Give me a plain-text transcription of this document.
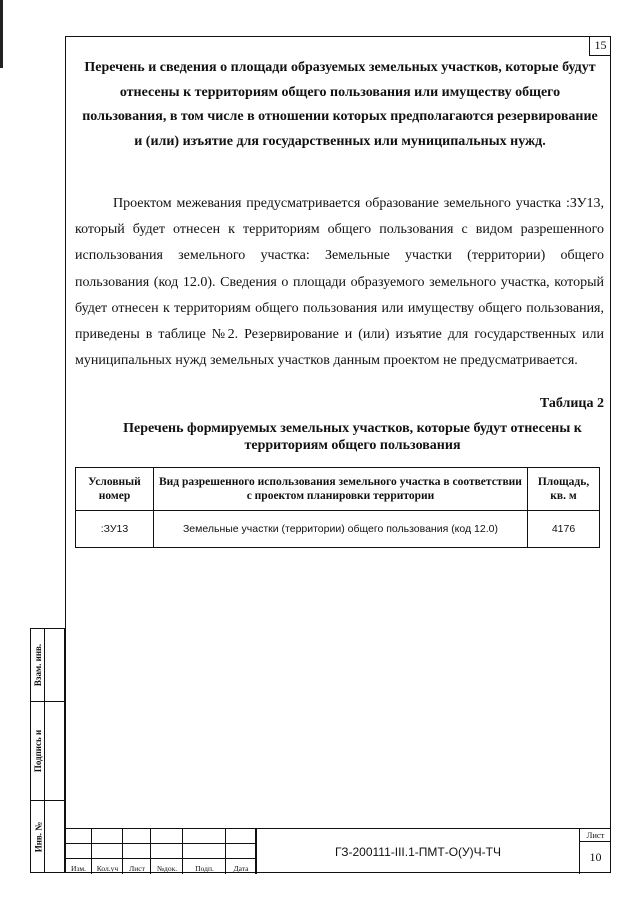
15
Перечень и сведения о площади образуемых земельных участков, которые будут отнесены к территориям общего пользования или имуществу общего пользования, в том числе в отношении которых предполагаются резервирование и (или) изъятие для государственных или муниципальных нужд.
Проектом межевания предусматривается образование земельного участка :ЗУ13, который будет отнесен к территориям общего пользования с видом разрешенного использования земельного участка: Земельные участки (территории) общего пользования (код 12.0). Сведения о площади образуемого земельного участка, который будет отнесен к территориям общего пользования или имуществу общего пользования, приведены в таблице №2. Резервирование и (или) изъятие для государственных или муниципальных нужд земельных участков данным проектом не предусматривается.
Таблица 2
Перечень формируемых земельных участков, которые будут отнесены к территориям общего пользования
Условный номер	Вид разрешенного использования земельного участка в соответствии с проектом планировки территории	Площадь, кв. м
:ЗУ13	Земельные участки (территории) общего пользования (код 12.0)	4176
Взам. инв.
Подпись и
Инв. №
Изм.	Кол.уч	Лист	№док.	Подп.	Дата
ГЗ-200111-III.1-ПМТ-О(У)Ч-ТЧ
Лист
10
